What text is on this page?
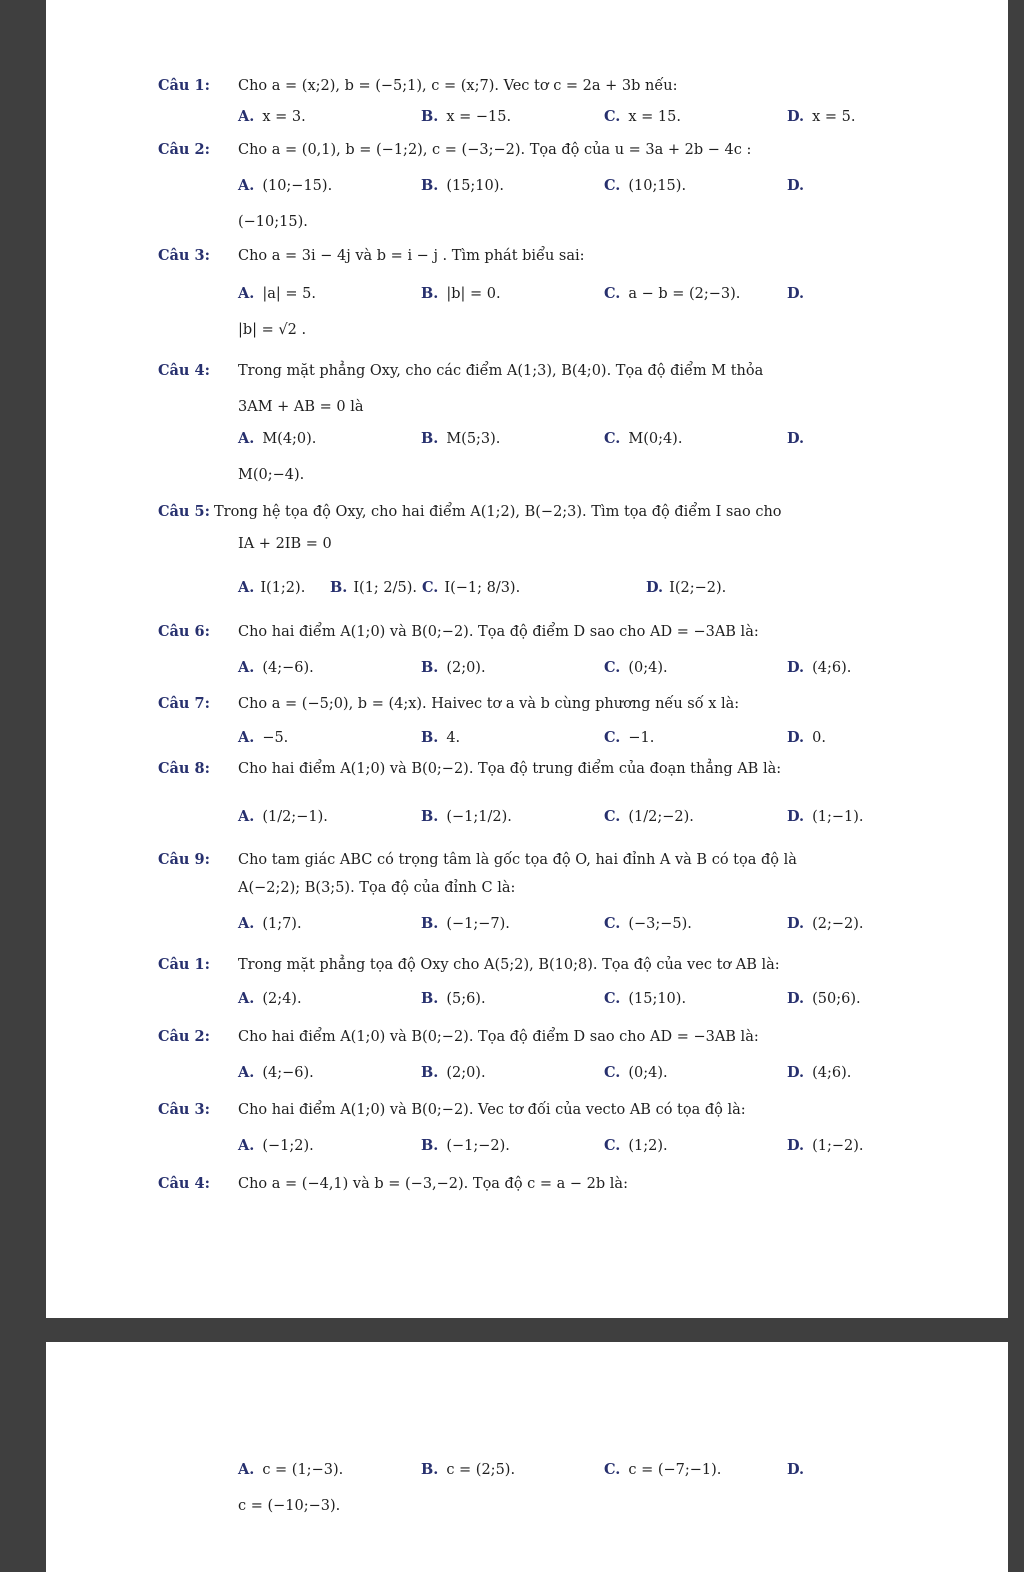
Câu 1:	Cho a = (x;2), b = (−5;1), c = (x;7). Vec tơ c = 2a + 3b nếu:
A. x = 3.	B. x = −15.	C. x = 15.	D. x = 5.
Câu 2:	Cho a = (0,1), b = (−1;2), c = (−3;−2). Tọa độ của u = 3a + 2b − 4c :
A. (10;−15).	B. (15;10).	C. (10;15).	D.
(−10;15).
Câu 3:	Cho a = 3i − 4j và b = i − j . Tìm phát biểu sai:
A. |a| = 5.	B. |b| = 0.	C. a − b = (2;−3).	D.
|b| = √2 .
Câu 4:	Trong mặt phẳng Oxy, cho các điểm A(1;3), B(4;0). Tọa độ điểm M thỏa
3AM + AB = 0 là
A. M(4;0).	B. M(5;3).	C. M(0;4).	D.
M(0;−4).
Câu 5: Trong hệ tọa độ Oxy, cho hai điểm A(1;2), B(−2;3). Tìm tọa độ điểm I sao cho
IA + 2IB = 0
A. I(1;2).	B. I(1; 2/5). C. I(−1; 8/3).	D. I(2;−2).
Câu 6:	Cho hai điểm A(1;0) và B(0;−2). Tọa độ điểm D sao cho AD = −3AB là:
A. (4;−6).	B. (2;0).	C. (0;4).	D. (4;6).
Câu 7:	Cho a = (−5;0), b = (4;x). Haivec tơ a và b cùng phương nếu số x là:
A. −5.	B. 4.	C. −1.	D. 0.
Câu 8:	Cho hai điểm A(1;0) và B(0;−2). Tọa độ trung điểm của đoạn thẳng AB là:
A. (1/2;−1).	B. (−1;1/2).	C. (1/2;−2).	D. (1;−1).
Câu 9:	Cho tam giác ABC có trọng tâm là gốc tọa độ O, hai đỉnh A và B có tọa độ là
A(−2;2); B(3;5). Tọa độ của đỉnh C là:
A. (1;7).	B. (−1;−7).	C. (−3;−5).	D. (2;−2).
Câu 1:	Trong mặt phẳng tọa độ Oxy cho A(5;2), B(10;8). Tọa độ của vec tơ AB là:
A. (2;4).	B. (5;6).	C. (15;10).	D. (50;6).
Câu 2:	Cho hai điểm A(1;0) và B(0;−2). Tọa độ điểm D sao cho AD = −3AB là:
A. (4;−6).	B. (2;0).	C. (0;4).	D. (4;6).
Câu 3:	Cho hai điểm A(1;0) và B(0;−2). Vec tơ đối của vecto AB có tọa độ là:
A. (−1;2).	B. (−1;−2).	C. (1;2).	D. (1;−2).
Câu 4:	Cho a = (−4,1) và b = (−3,−2). Tọa độ c = a − 2b là:
A. c = (1;−3).	B. c = (2;5).	C. c = (−7;−1).	D.
c = (−10;−3).
